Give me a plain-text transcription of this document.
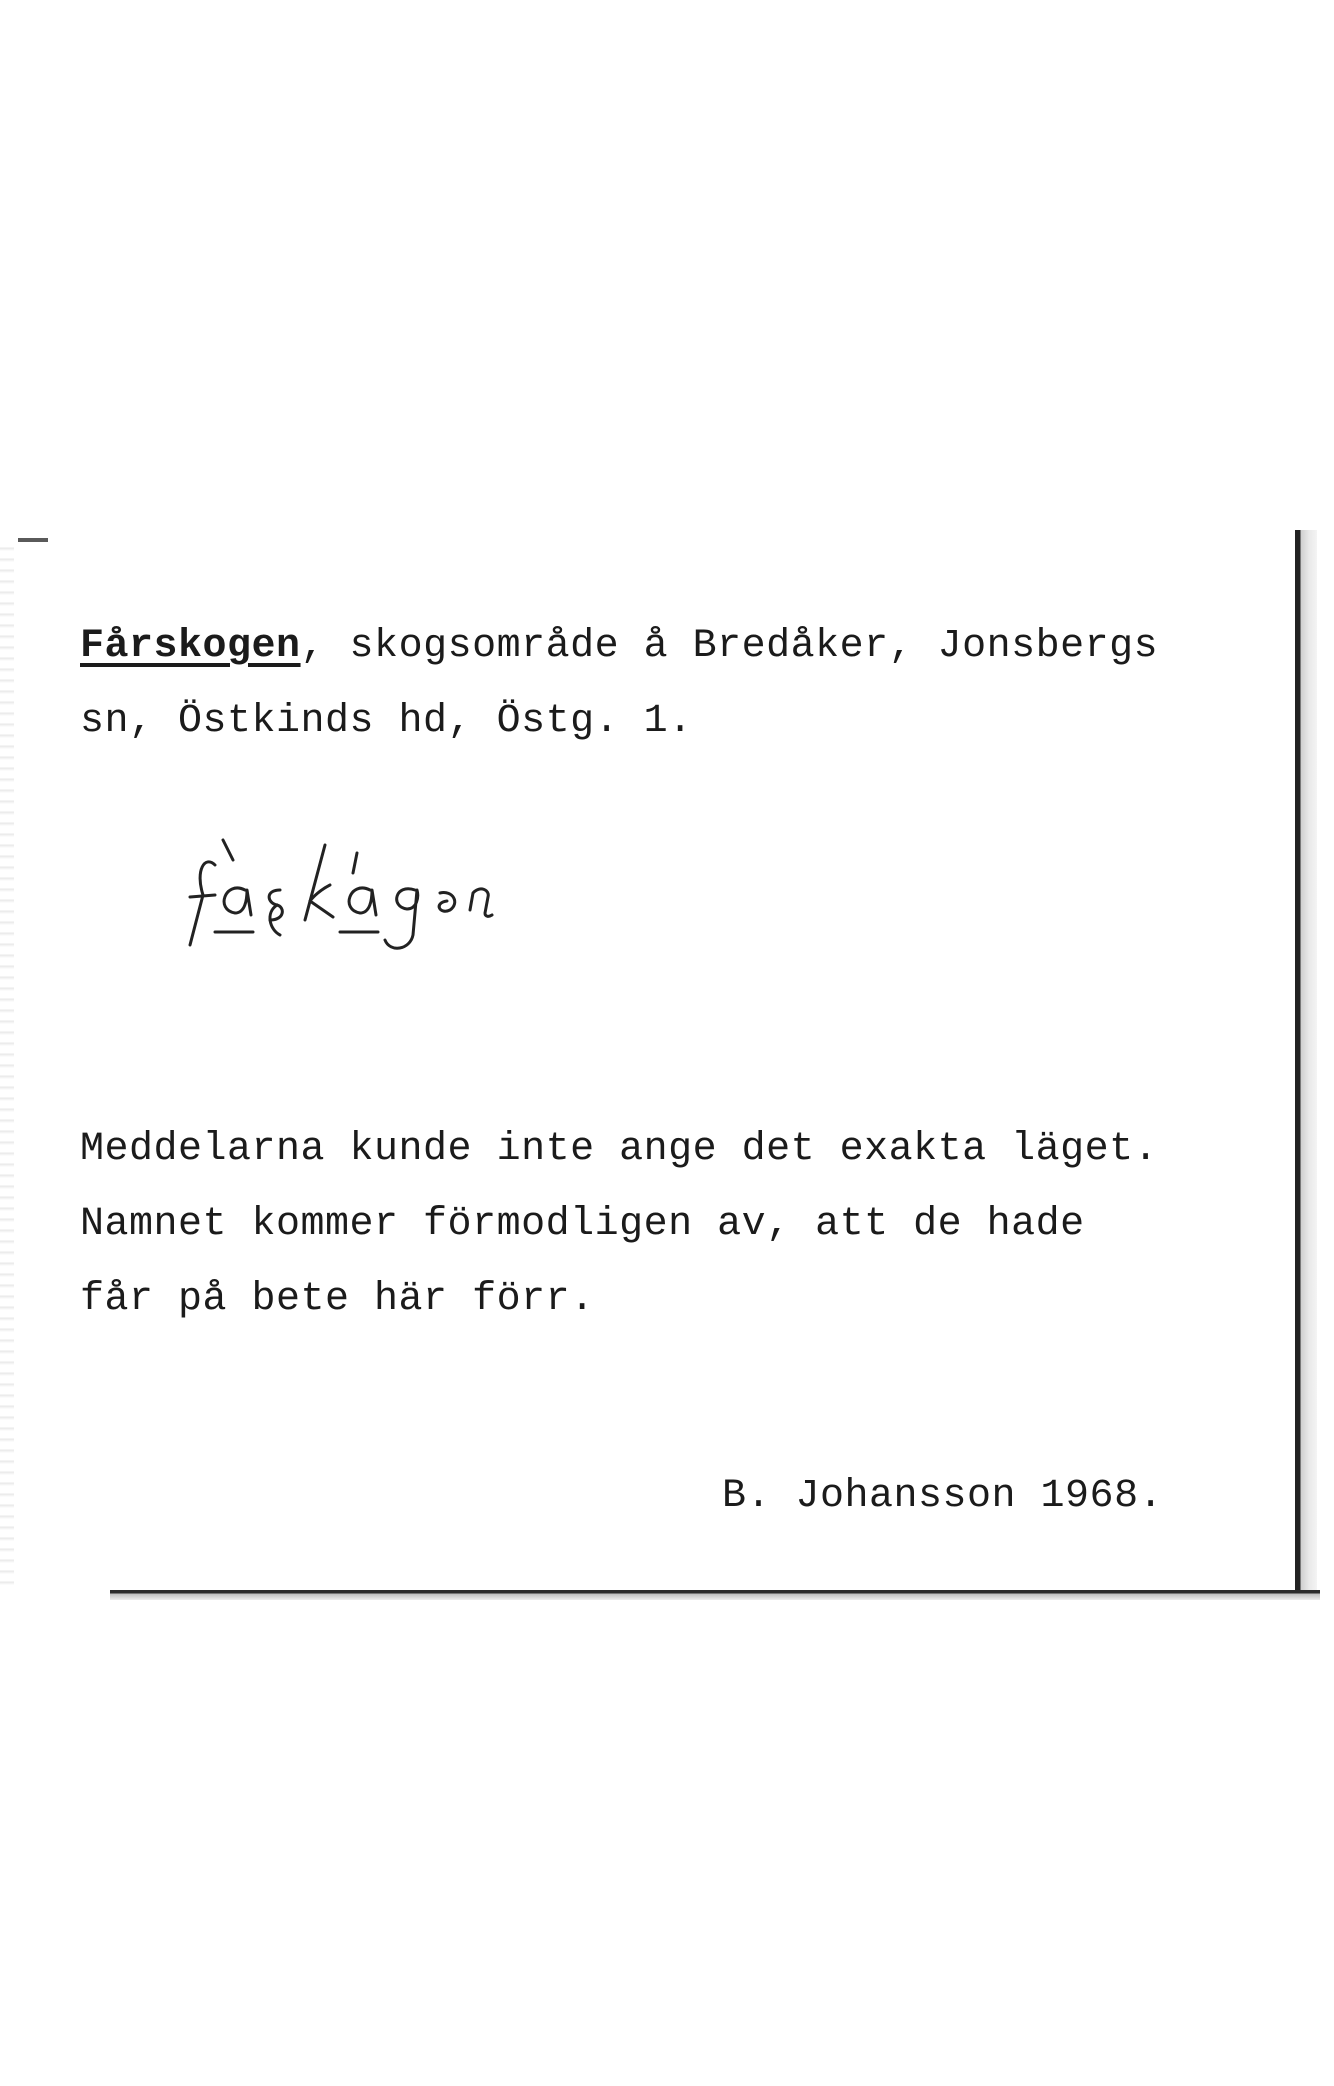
Fårskogen, skogsområde å Bredåker, Jonsbergs
sn, Östkinds hd, Östg. 1.
Meddelarna kunde inte ange det exakta läget.
Namnet kommer förmodligen av, att de hade
får på bete här förr.
B. Johansson 1968.
